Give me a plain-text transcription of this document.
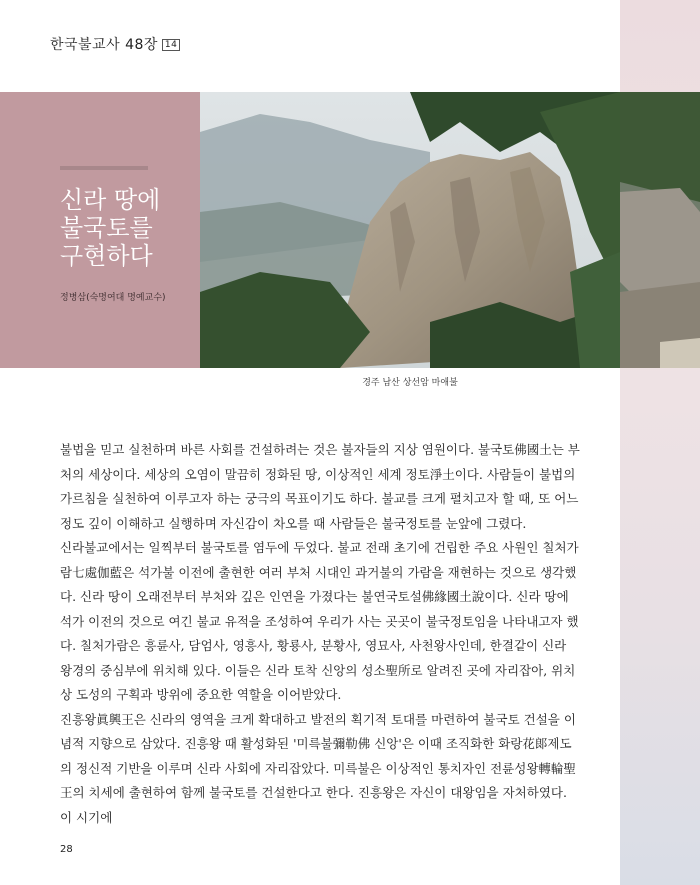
한국불교사 48장 14
신라 땅에
불국토를
구현하다
정병삼(숙명여대 명예교수)
경주 남산 상선암 마애불

불법을 믿고 실천하며 바른 사회를 건설하려는 것은 불자들의 지상 염원이다. 불국토佛國土는 부처의 세상이다. 세상의 오염이 말끔히 정화된 땅, 이상적인 세계 정토淨土이다. 사람들이 불법의 가르침을 실천하여 이루고자 하는 궁극의 목표이기도 하다. 불교를 크게 펼치고자 할 때, 또 어느 정도 깊이 이해하고 실행하며 자신감이 차오를 때 사람들은 불국정토를 눈앞에 그렸다.

신라불교에서는 일찍부터 불국토를 염두에 두었다. 불교 전래 초기에 건립한 주요 사원인 칠처가람七處伽藍은 석가불 이전에 출현한 여러 부처 시대인 과거불의 가람을 재현하는 것으로 생각했다. 신라 땅이 오래전부터 부처와 깊은 인연을 가졌다는 불연국토설佛緣國土說이다. 신라 땅에 석가 이전의 것으로 여긴 불교 유적을 조성하여 우리가 사는 곳곳이 불국정토임을 나타내고자 했다. 칠처가람은 흥륜사, 담엄사, 영흥사, 황룡사, 분황사, 영묘사, 사천왕사인데, 한결같이 신라 왕경의 중심부에 위치해 있다. 이들은 신라 토착 신앙의 성소聖所로 알려진 곳에 자리잡아, 위치상 도성의 구획과 방위에 중요한 역할을 이어받았다.

진흥왕眞興王은 신라의 영역을 크게 확대하고 발전의 획기적 토대를 마련하여 불국토 건설을 이념적 지향으로 삼았다. 진흥왕 때 활성화된 '미륵불彌勒佛 신앙'은 이때 조직화한 화랑花郞제도의 정신적 기반을 이루며 신라 사회에 자리잡았다. 미륵불은 이상적인 통치자인 전륜성왕轉輪聖王의 치세에 출현하여 함께 불국토를 건설한다고 한다. 진흥왕은 자신이 대왕임을 자처하였다. 이 시기에

28
